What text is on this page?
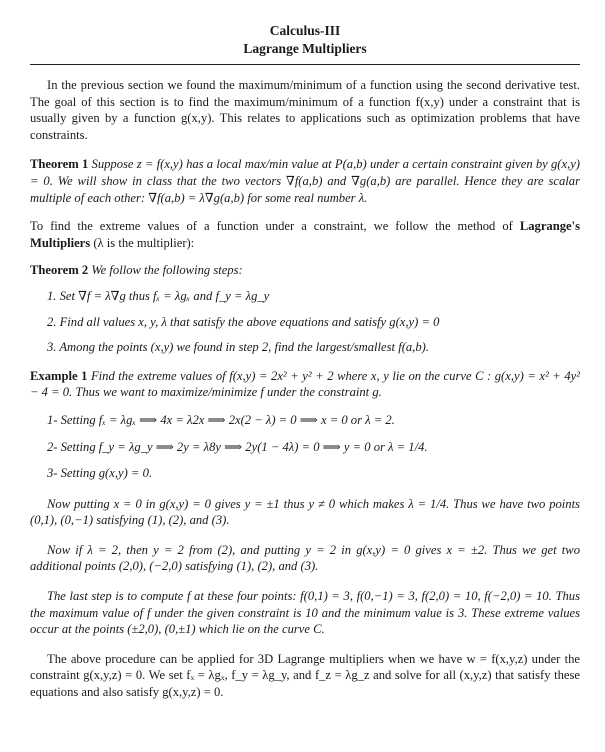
Calculus-III
Lagrange Multipliers

In the previous section we found the maximum/minimum of a function using the second derivative test. The goal of this section is to find the maximum/minimum of a function f(x,y) under a constraint that is usually given by a function g(x,y). This relates to applications such as optimization problems that have constraints.

Theorem 1 Suppose z = f(x,y) has a local max/min value at P(a,b) under a certain constraint given by g(x,y) = 0. We will show in class that the two vectors ∇f(a,b) and ∇g(a,b) are parallel. Hence they are scalar multiple of each other: ∇f(a,b) = λ∇g(a,b) for some real number λ.

To find the extreme values of a function under a constraint, we follow the method of Lagrange's Multipliers (λ is the multiplier):

Theorem 2 We follow the following steps:

1. Set ∇f = λ∇g thus fₓ = λgₓ and f_y = λg_y
2. Find all values x, y, λ that satisfy the above equations and satisfy g(x,y) = 0
3. Among the points (x,y) we found in step 2, find the largest/smallest f(a,b).

Example 1 Find the extreme values of f(x,y) = 2x² + y² + 2 where x, y lie on the curve C : g(x,y) = x² + 4y² − 4 = 0. Thus we want to maximize/minimize f under the constraint g.

1- Setting fₓ = λgₓ ⟹ 4x = λ2x ⟹ 2x(2 − λ) = 0 ⟹ x = 0 or λ = 2.
2- Setting f_y = λg_y ⟹ 2y = λ8y ⟹ 2y(1 − 4λ) = 0 ⟹ y = 0 or λ = 1/4.
3- Setting g(x,y) = 0.

Now putting x = 0 in g(x,y) = 0 gives y = ±1 thus y ≠ 0 which makes λ = 1/4. Thus we have two points (0,1), (0,−1) satisfying (1), (2), and (3).

Now if λ = 2, then y = 2 from (2), and putting y = 2 in g(x,y) = 0 gives x = ±2. Thus we get two additional points (2,0), (−2,0) satisfying (1), (2), and (3).

The last step is to compute f at these four points: f(0,1) = 3, f(0,−1) = 3, f(2,0) = 10, f(−2,0) = 10. Thus the maximum value of f under the given constraint is 10 and the minimum value is 3. These extreme values occur at the points (±2,0), (0,±1) which lie on the curve C.

The above procedure can be applied for 3D Lagrange multipliers when we have w = f(x,y,z) under the constraint g(x,y,z) = 0. We set fₓ = λgₓ, f_y = λg_y, and f_z = λg_z and solve for all (x,y,z) that satisfy these equations and also satisfy g(x,y,z) = 0.
